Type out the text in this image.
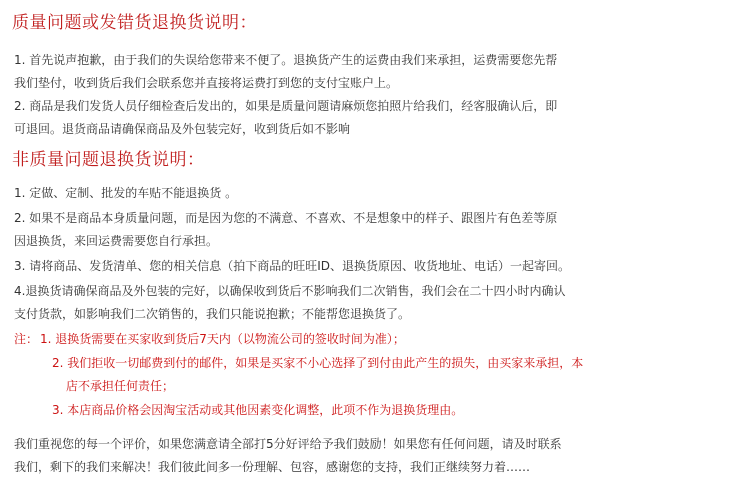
质量问题或发错货退换货说明：
1. 首先说声抱歉，由于我们的失误给您带来不便了。退换货产生的运费由我们来承担，运费需要您先帮
我们垫付，收到货后我们会联系您并直接将运费打到您的支付宝账户上。
2. 商品是我们发货人员仔细检查后发出的，如果是质量问题请麻烦您拍照片给我们，经客服确认后，即
可退回。退货商品请确保商品及外包装完好，收到货后如不影响
非质量问题退换货说明：
1. 定做、定制、批发的车贴不能退换货 。
2. 如果不是商品本身质量问题，而是因为您的不满意、不喜欢、不是想象中的样子、跟图片有色差等原
因退换货，来回运费需要您自行承担。
3. 请将商品、发货清单、您的相关信息（拍下商品的旺旺ID、退换货原因、收货地址、电话）一起寄回。
4.退换货请确保商品及外包装的完好，以确保收到货后不影响我们二次销售，我们会在二十四小时内确认
支付货款，如影响我们二次销售的，我们只能说抱歉；不能帮您退换货了。
注： 1. 退换货需要在买家收到货后7天内（以物流公司的签收时间为准）；
2. 我们拒收一切邮费到付的邮件，如果是买家不小心选择了到付由此产生的损失，由买家来承担，本
店不承担任何责任；
3. 本店商品价格会因淘宝活动或其他因素变化调整，此项不作为退换货理由。
我们重视您的每一个评价，如果您满意请全部打5分好评给予我们鼓励！如果您有任何问题，请及时联系
我们，剩下的我们来解决！我们彼此间多一份理解、包容，感谢您的支持，我们正继续努力着……
